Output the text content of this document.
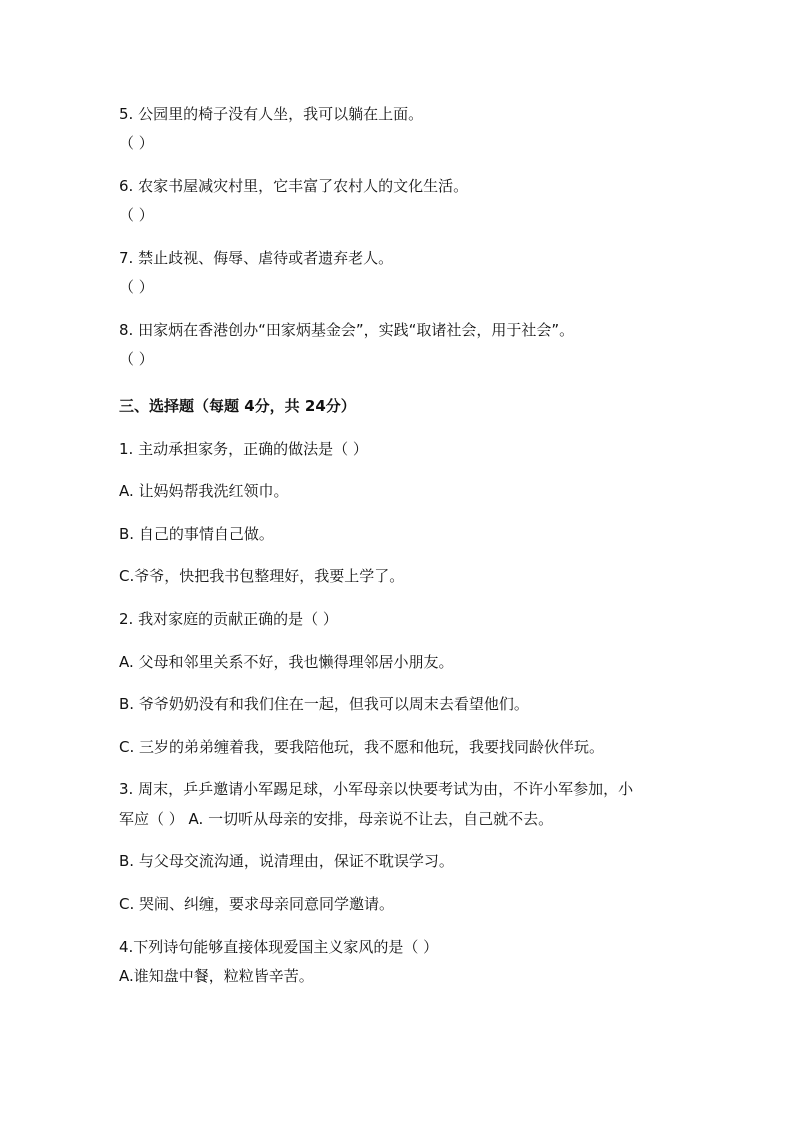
5. 公园里的椅子没有人坐，我可以躺在上面。
（ ）
6. 农家书屋减灾村里，它丰富了农村人的文化生活。
（ ）
7. 禁止歧视、侮辱、虐待或者遗弃老人。
（ ）
8. 田家炳在香港创办“田家炳基金会”，实践“取诸社会，用于社会”。
（ ）
三、选择题（每题 4分，共 24分）
1. 主动承担家务，正确的做法是（ ）
A. 让妈妈帮我洗红领巾。
B. 自己的事情自己做。
C.爷爷，快把我书包整理好，我要上学了。
2. 我对家庭的贡献正确的是（ ）
A. 父母和邻里关系不好，我也懒得理邻居小朋友。
B. 爷爷奶奶没有和我们住在一起，但我可以周末去看望他们。
C. 三岁的弟弟缠着我，要我陪他玩，我不愿和他玩，我要找同龄伙伴玩。
3. 周末，乒乒邀请小军踢足球，小军母亲以快要考试为由，不许小军参加，小
军应（ ） A. 一切听从母亲的安排，母亲说不让去，自己就不去。
B. 与父母交流沟通，说清理由，保证不耽误学习。
C. 哭闹、纠缠，要求母亲同意同学邀请。
4.下列诗句能够直接体现爱国主义家风的是（ ）
A.谁知盘中餐，粒粒皆辛苦。
